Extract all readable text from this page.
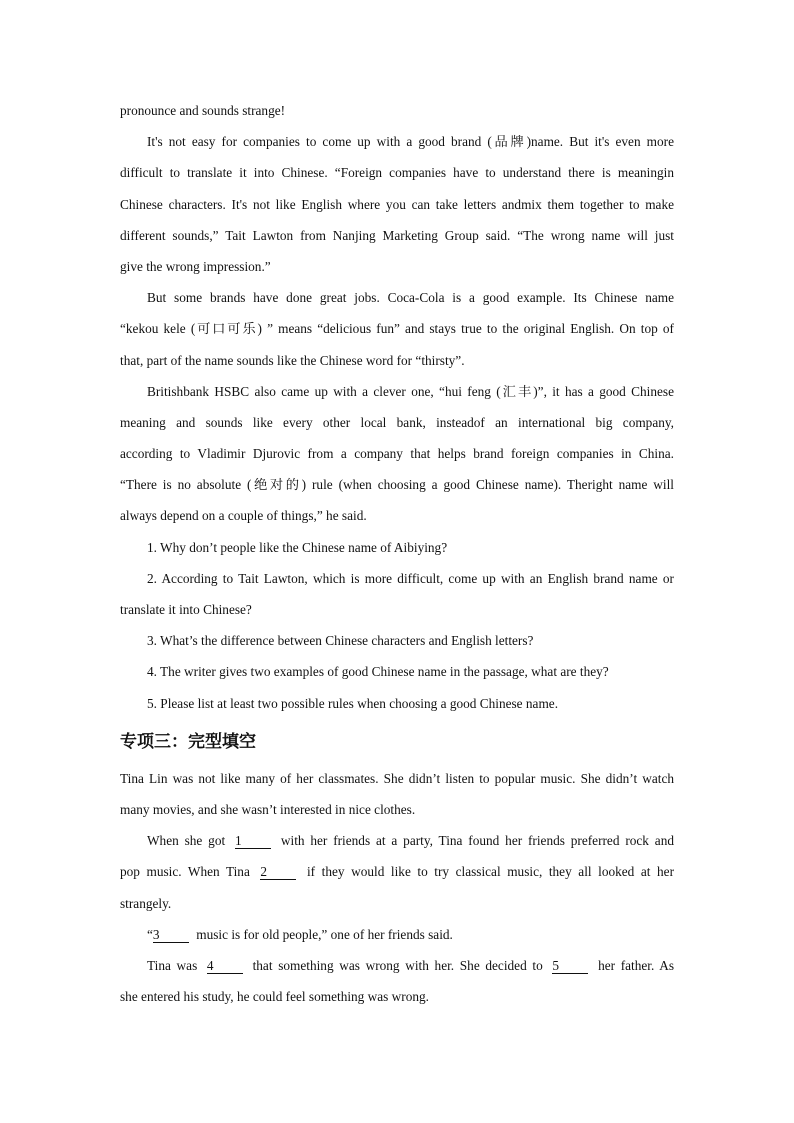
pronounce and sounds strange!
It's not easy for companies to come up with a good brand (品牌)name. But it's even more
difficult to translate it into Chinese. “Foreign companies have to understand there is meaningin
Chinese characters. It's not like English where you can take letters andmix them together to make
different sounds,” Tait Lawton from Nanjing Marketing Group said. “The wrong name will just
give the wrong impression.”
But some brands have done great jobs. Coca-Cola is a good example. Its Chinese name
“kekou kele (可口可乐) ” means “delicious fun” and stays true to the original English. On top of
that, part of the name sounds like the Chinese word for “thirsty”.
Britishbank HSBC also came up with a clever one, “hui feng (汇丰)”, it has a good Chinese
meaning and sounds like every other local bank, insteadof an international big company,
according to Vladimir Djurovic from a company that helps brand foreign companies in China.
“There is no absolute (绝对的) rule (when choosing a good Chinese name). Theright name will
always depend on a couple of things,” he said.
1. Why don’t people like the Chinese name of Aibiying?
2. According to Tait Lawton, which is more difficult, come up with an English brand name or
translate it into Chinese?
3. What’s the difference between Chinese characters and English letters?
4. The writer gives two examples of good Chinese name in the passage, what are they?
5. Please list at least two possible rules when choosing a good Chinese name.
专项三：完型填空
Tina Lin was not like many of her classmates. She didn’t listen to popular music. She didn’t watch
many movies, and she wasn’t interested in nice clothes.
When she got 1	with her friends at a party, Tina found her friends preferred rock and
pop music. When Tina 2	if they would like to try classical music, they all looked at her
strangely.
“3	music is for old people,” one of her friends said.
Tina was 4	that something was wrong with her. She decided to 5	her father. As
she entered his study, he could feel something was wrong.
